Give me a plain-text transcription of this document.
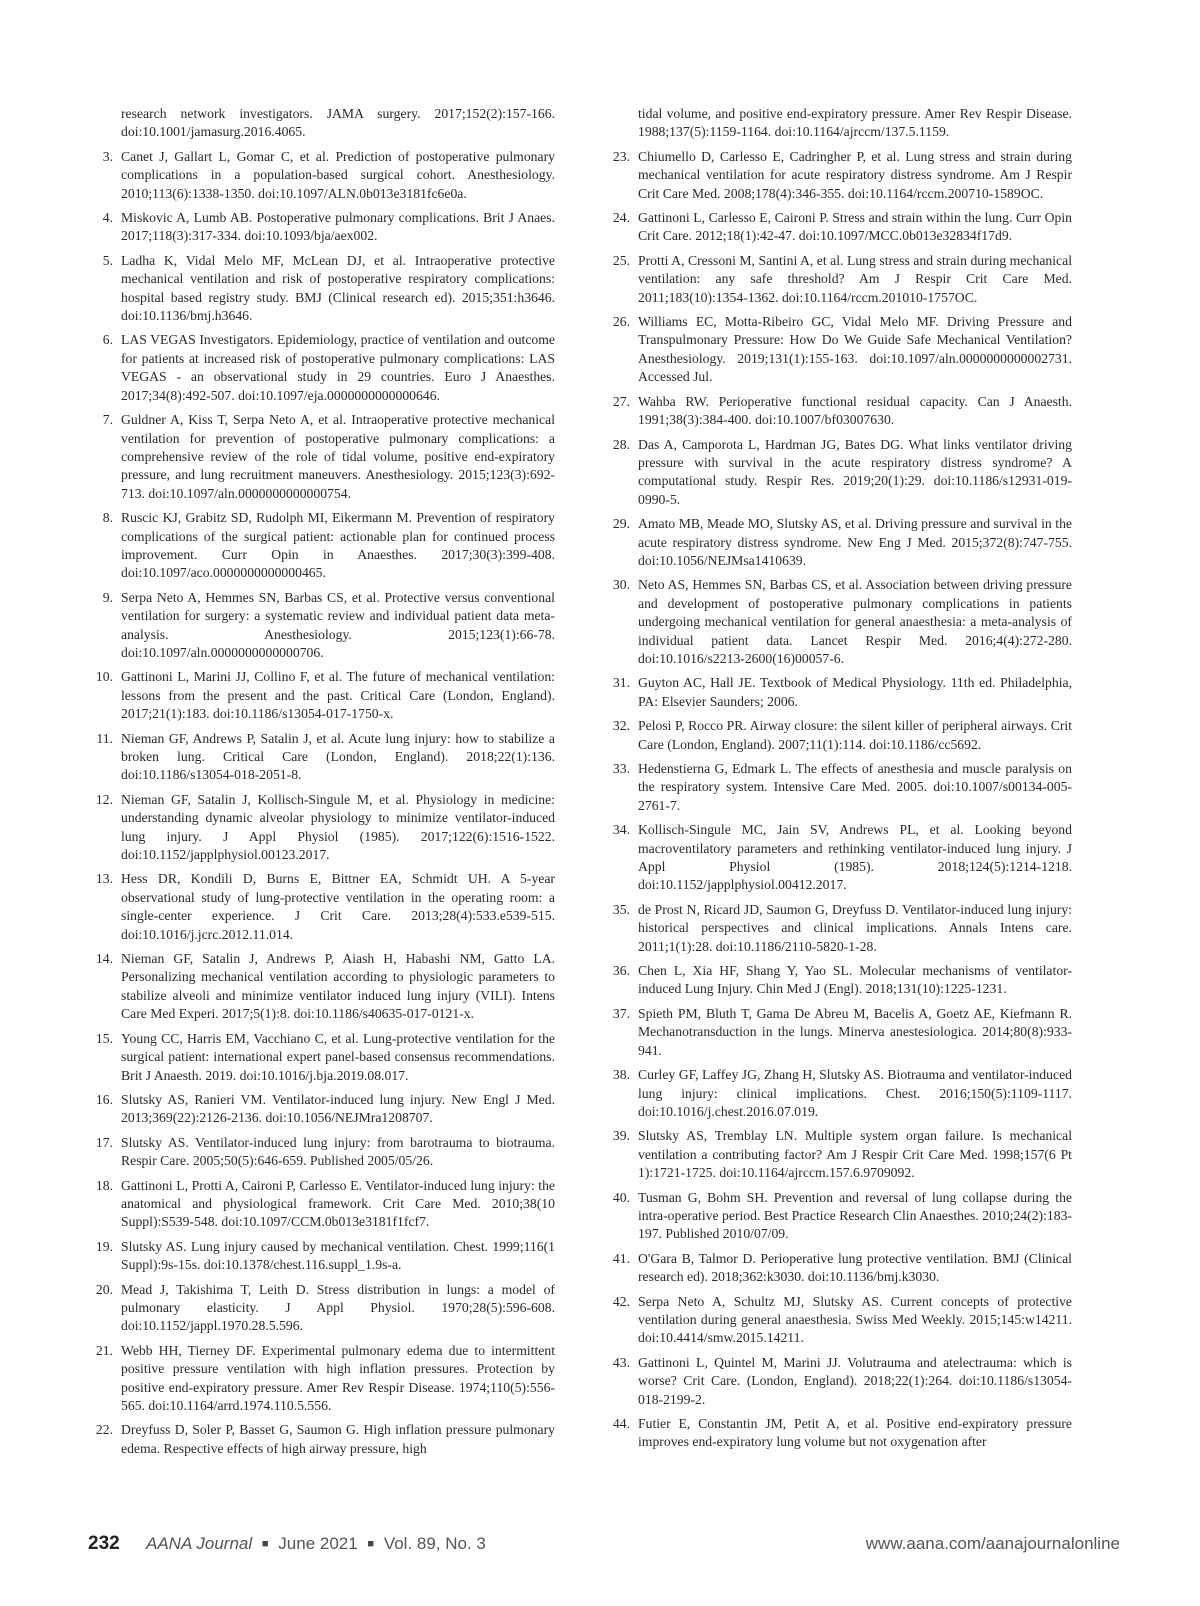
research network investigators. JAMA surgery. 2017;152(2):157-166. doi:10.1001/jamasurg.2016.4065.
3. Canet J, Gallart L, Gomar C, et al. Prediction of postoperative pulmonary complications in a population-based surgical cohort. Anesthesiology. 2010;113(6):1338-1350. doi:10.1097/ALN.0b013e3181fc6e0a.
4. Miskovic A, Lumb AB. Postoperative pulmonary complications. Brit J Anaes. 2017;118(3):317-334. doi:10.1093/bja/aex002.
5. Ladha K, Vidal Melo MF, McLean DJ, et al. Intraoperative protective mechanical ventilation and risk of postoperative respiratory complications: hospital based registry study. BMJ (Clinical research ed). 2015;351:h3646. doi:10.1136/bmj.h3646.
6. LAS VEGAS Investigators. Epidemiology, practice of ventilation and outcome for patients at increased risk of postoperative pulmonary complications: LAS VEGAS - an observational study in 29 countries. Euro J Anaesthes. 2017;34(8):492-507. doi:10.1097/eja.0000000000000646.
7. Guldner A, Kiss T, Serpa Neto A, et al. Intraoperative protective mechanical ventilation for prevention of postoperative pulmonary complications: a comprehensive review of the role of tidal volume, positive end-expiratory pressure, and lung recruitment maneuvers. Anesthesiology. 2015;123(3):692-713. doi:10.1097/aln.0000000000000754.
8. Ruscic KJ, Grabitz SD, Rudolph MI, Eikermann M. Prevention of respiratory complications of the surgical patient: actionable plan for continued process improvement. Curr Opin in Anaesthes. 2017;30(3):399-408. doi:10.1097/aco.0000000000000465.
9. Serpa Neto A, Hemmes SN, Barbas CS, et al. Protective versus conventional ventilation for surgery: a systematic review and individual patient data meta-analysis. Anesthesiology. 2015;123(1):66-78. doi:10.1097/aln.0000000000000706.
10. Gattinoni L, Marini JJ, Collino F, et al. The future of mechanical ventilation: lessons from the present and the past. Critical Care (London, England). 2017;21(1):183. doi:10.1186/s13054-017-1750-x.
11. Nieman GF, Andrews P, Satalin J, et al. Acute lung injury: how to stabilize a broken lung. Critical Care (London, England). 2018;22(1):136. doi:10.1186/s13054-018-2051-8.
12. Nieman GF, Satalin J, Kollisch-Singule M, et al. Physiology in medicine: understanding dynamic alveolar physiology to minimize ventilator-induced lung injury. J Appl Physiol (1985). 2017;122(6):1516-1522. doi:10.1152/japplphysiol.00123.2017.
13. Hess DR, Kondili D, Burns E, Bittner EA, Schmidt UH. A 5-year observational study of lung-protective ventilation in the operating room: a single-center experience. J Crit Care. 2013;28(4):533.e539-515. doi:10.1016/j.jcrc.2012.11.014.
14. Nieman GF, Satalin J, Andrews P, Aiash H, Habashi NM, Gatto LA. Personalizing mechanical ventilation according to physiologic parameters to stabilize alveoli and minimize ventilator induced lung injury (VILI). Intens Care Med Experi. 2017;5(1):8. doi:10.1186/s40635-017-0121-x.
15. Young CC, Harris EM, Vacchiano C, et al. Lung-protective ventilation for the surgical patient: international expert panel-based consensus recommendations. Brit J Anaesth. 2019. doi:10.1016/j.bja.2019.08.017.
16. Slutsky AS, Ranieri VM. Ventilator-induced lung injury. New Engl J Med. 2013;369(22):2126-2136. doi:10.1056/NEJMra1208707.
17. Slutsky AS. Ventilator-induced lung injury: from barotrauma to biotrauma. Respir Care. 2005;50(5):646-659. Published 2005/05/26.
18. Gattinoni L, Protti A, Caironi P, Carlesso E. Ventilator-induced lung injury: the anatomical and physiological framework. Crit Care Med. 2010;38(10 Suppl):S539-548. doi:10.1097/CCM.0b013e3181f1fcf7.
19. Slutsky AS. Lung injury caused by mechanical ventilation. Chest. 1999;116(1 Suppl):9s-15s. doi:10.1378/chest.116.suppl_1.9s-a.
20. Mead J, Takishima T, Leith D. Stress distribution in lungs: a model of pulmonary elasticity. J Appl Physiol. 1970;28(5):596-608. doi:10.1152/jappl.1970.28.5.596.
21. Webb HH, Tierney DF. Experimental pulmonary edema due to intermittent positive pressure ventilation with high inflation pressures. Protection by positive end-expiratory pressure. Amer Rev Respir Disease. 1974;110(5):556-565. doi:10.1164/arrd.1974.110.5.556.
22. Dreyfuss D, Soler P, Basset G, Saumon G. High inflation pressure pulmonary edema. Respective effects of high airway pressure, high
tidal volume, and positive end-expiratory pressure. Amer Rev Respir Disease. 1988;137(5):1159-1164. doi:10.1164/ajrccm/137.5.1159.
23. Chiumello D, Carlesso E, Cadringher P, et al. Lung stress and strain during mechanical ventilation for acute respiratory distress syndrome. Am J Respir Crit Care Med. 2008;178(4):346-355. doi:10.1164/rccm.200710-1589OC.
24. Gattinoni L, Carlesso E, Caironi P. Stress and strain within the lung. Curr Opin Crit Care. 2012;18(1):42-47. doi:10.1097/MCC.0b013e32834f17d9.
25. Protti A, Cressoni M, Santini A, et al. Lung stress and strain during mechanical ventilation: any safe threshold? Am J Respir Crit Care Med. 2011;183(10):1354-1362. doi:10.1164/rccm.201010-1757OC.
26. Williams EC, Motta-Ribeiro GC, Vidal Melo MF. Driving Pressure and Transpulmonary Pressure: How Do We Guide Safe Mechanical Ventilation? Anesthesiology. 2019;131(1):155-163. doi:10.1097/aln.0000000000002731. Accessed Jul.
27. Wahba RW. Perioperative functional residual capacity. Can J Anaesth. 1991;38(3):384-400. doi:10.1007/bf03007630.
28. Das A, Camporota L, Hardman JG, Bates DG. What links ventilator driving pressure with survival in the acute respiratory distress syndrome? A computational study. Respir Res. 2019;20(1):29. doi:10.1186/s12931-019-0990-5.
29. Amato MB, Meade MO, Slutsky AS, et al. Driving pressure and survival in the acute respiratory distress syndrome. New Eng J Med. 2015;372(8):747-755. doi:10.1056/NEJMsa1410639.
30. Neto AS, Hemmes SN, Barbas CS, et al. Association between driving pressure and development of postoperative pulmonary complications in patients undergoing mechanical ventilation for general anaesthesia: a meta-analysis of individual patient data. Lancet Respir Med. 2016;4(4):272-280. doi:10.1016/s2213-2600(16)00057-6.
31. Guyton AC, Hall JE. Textbook of Medical Physiology. 11th ed. Philadelphia, PA: Elsevier Saunders; 2006.
32. Pelosi P, Rocco PR. Airway closure: the silent killer of peripheral airways. Crit Care (London, England). 2007;11(1):114. doi:10.1186/cc5692.
33. Hedenstierna G, Edmark L. The effects of anesthesia and muscle paralysis on the respiratory system. Intensive Care Med. 2005. doi:10.1007/s00134-005-2761-7.
34. Kollisch-Singule MC, Jain SV, Andrews PL, et al. Looking beyond macroventilatory parameters and rethinking ventilator-induced lung injury. J Appl Physiol (1985). 2018;124(5):1214-1218. doi:10.1152/japplphysiol.00412.2017.
35. de Prost N, Ricard JD, Saumon G, Dreyfuss D. Ventilator-induced lung injury: historical perspectives and clinical implications. Annals Intens care. 2011;1(1):28. doi:10.1186/2110-5820-1-28.
36. Chen L, Xia HF, Shang Y, Yao SL. Molecular mechanisms of ventilator-induced Lung Injury. Chin Med J (Engl). 2018;131(10):1225-1231.
37. Spieth PM, Bluth T, Gama De Abreu M, Bacelis A, Goetz AE, Kiefmann R. Mechanotransduction in the lungs. Minerva anestesiologica. 2014;80(8):933-941.
38. Curley GF, Laffey JG, Zhang H, Slutsky AS. Biotrauma and ventilator-induced lung injury: clinical implications. Chest. 2016;150(5):1109-1117. doi:10.1016/j.chest.2016.07.019.
39. Slutsky AS, Tremblay LN. Multiple system organ failure. Is mechanical ventilation a contributing factor? Am J Respir Crit Care Med. 1998;157(6 Pt 1):1721-1725. doi:10.1164/ajrccm.157.6.9709092.
40. Tusman G, Bohm SH. Prevention and reversal of lung collapse during the intra-operative period. Best Practice Research Clin Anaesthes. 2010;24(2):183-197. Published 2010/07/09.
41. O'Gara B, Talmor D. Perioperative lung protective ventilation. BMJ (Clinical research ed). 2018;362:k3030. doi:10.1136/bmj.k3030.
42. Serpa Neto A, Schultz MJ, Slutsky AS. Current concepts of protective ventilation during general anaesthesia. Swiss Med Weekly. 2015;145:w14211. doi:10.4414/smw.2015.14211.
43. Gattinoni L, Quintel M, Marini JJ. Volutrauma and atelectrauma: which is worse? Crit Care. (London, England). 2018;22(1):264. doi:10.1186/s13054-018-2199-2.
44. Futier E, Constantin JM, Petit A, et al. Positive end-expiratory pressure improves end-expiratory lung volume but not oxygenation after
232 AANA Journal ■ June 2021 ■ Vol. 89, No. 3	www.aana.com/aanajournalonline
